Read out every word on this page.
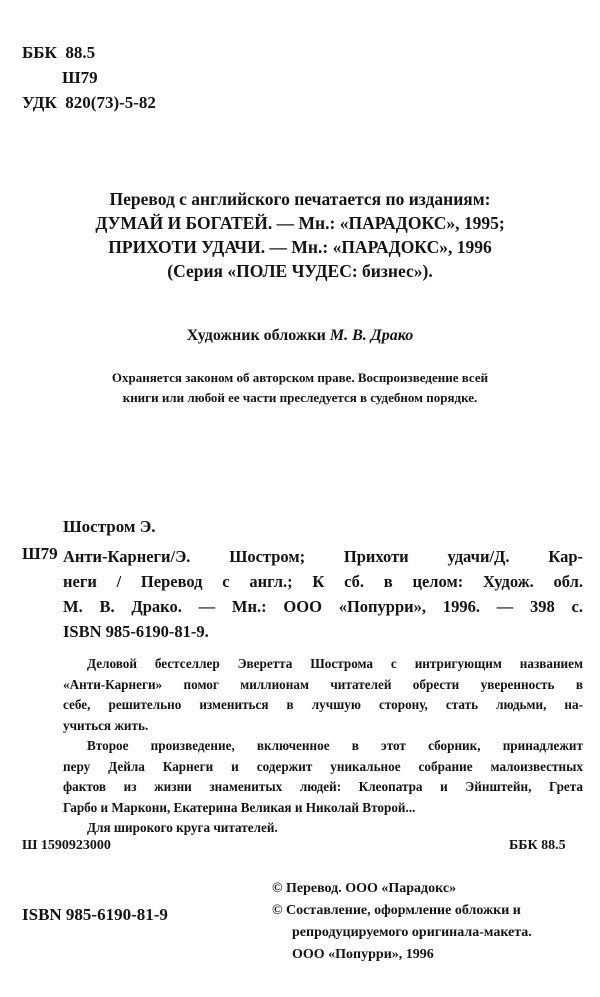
ББК 88.5
Ш79
УДК 820(73)-5-82
Перевод с английского печатается по изданиям:
ДУМАЙ И БОГАТЕЙ. — Мн.: «ПАРАДОКС», 1995;
ПРИХОТИ УДАЧИ. — Мн.: «ПАРАДОКС», 1996
(Серия «ПОЛЕ ЧУДЕС: бизнес»).
Художник обложки М. В. Драко
Охраняется законом об авторском праве. Воспроизведение всей
книги или любой ее части преследуется в судебном порядке.
Шостром Э.
Ш79 Анти-Карнеги/Э. Шостром; Прихоти удачи/Д. Кар-
неги / Перевод с англ.; К сб. в целом: Худож. обл.
М. В. Драко. — Мн.: ООО «Попурри», 1996. — 398 с.
ISBN 985-6190-81-9.
Деловой бестселлер Эверетта Шострома с интригующим названием
«Анти-Карнеги» помог миллионам читателей обрести уверенность в
себе, решительно измениться в лучшую сторону, стать людьми, на-
учиться жить.
Второе произведение, включенное в этот сборник, принадлежит
перу Дейла Карнеги и содержит уникальное собрание малоизвестных
фактов из жизни знаменитых людей: Клеопатра и Эйнштейн, Грета
Гарбо и Маркони, Екатерина Великая и Николай Второй...
Для широкого круга читателей.
Ш 1590923000	ББК 88.5
ISBN 985-6190-81-9
© Перевод. ООО «Парадокс»
© Составление, оформление обложки и
репродуцируемого оригинала-макета.
ООО «Попурри», 1996
